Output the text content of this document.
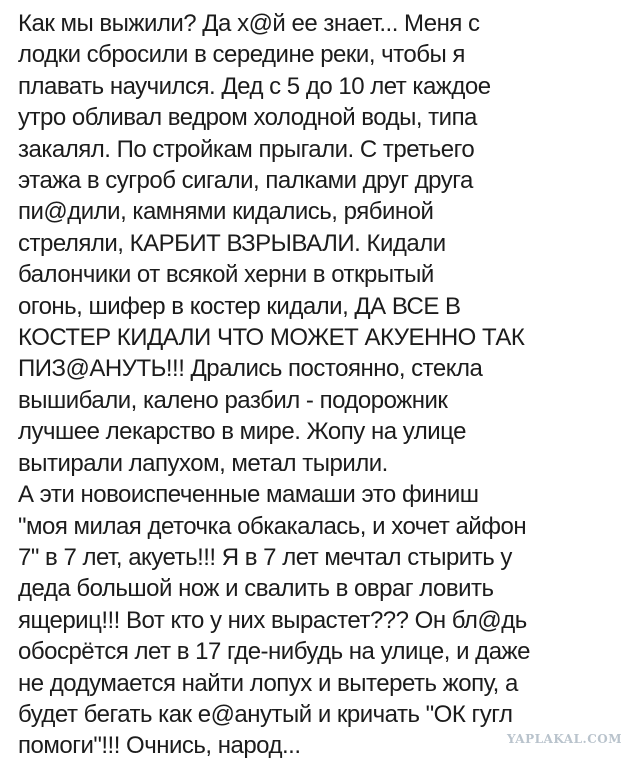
Как мы выжили? Да х@й ее знает... Меня с
лодки сбросили в середине реки, чтобы я
плавать научился. Дед с 5 до 10 лет каждое
утро обливал ведром холодной воды, типа
закалял. По стройкам прыгали. С третьего
этажа в сугроб сигали, палками друг друга
пи@дили, камнями кидались, рябиной
стреляли, КАРБИТ ВЗРЫВАЛИ. Кидали
балончики от всякой херни в открытый
огонь, шифер в костер кидали, ДА ВСЕ В
КОСТЕР КИДАЛИ ЧТО МОЖЕТ АКУЕННО ТАК
ПИЗ@АНУТЬ!!! Дрались постоянно, стекла
вышибали, калено разбил - подорожник
лучшее лекарство в мире. Жопу на улице
вытирали лапухом, метал тырили.
А эти новоиспеченные мамаши это финиш
"моя милая деточка обкакалась, и хочет айфон
7" в 7 лет, акуеть!!! Я в 7 лет мечтал стырить у
деда большой нож и свалить в овраг ловить
ящериц!!! Вот кто у них вырастет??? Он бл@дь
обосрётся лет в 17 где-нибудь на улице, и даже
не додумается найти лопух и вытереть жопу, а
будет бегать как е@анутый и кричать "ОК гугл
помоги"!!! Очнись, народ...	YAPLAKAL.COM
